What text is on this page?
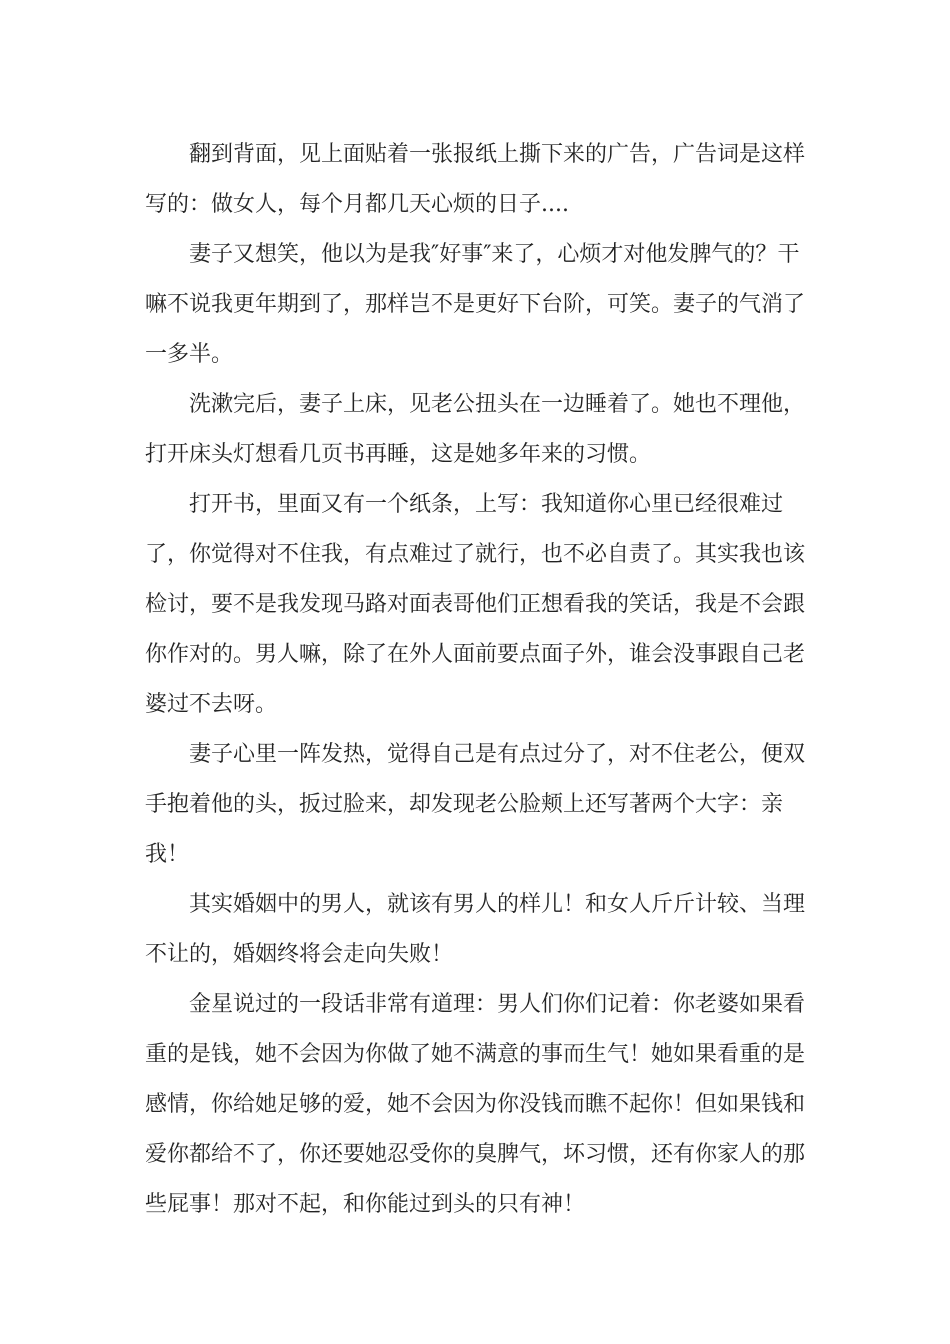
翻到背面，见上面贴着一张报纸上撕下来的广告，广告词是这样写的：做女人，每个月都几天心烦的日子....

妻子又想笑，他以为是我″好事″来了，心烦才对他发脾气的？干嘛不说我更年期到了，那样岂不是更好下台阶，可笑。妻子的气消了一多半。

洗漱完后，妻子上床，见老公扭头在一边睡着了。她也不理他，打开床头灯想看几页书再睡，这是她多年来的习惯。

打开书，里面又有一个纸条，上写：我知道你心里已经很难过了，你觉得对不住我，有点难过了就行，也不必自责了。其实我也该检讨，要不是我发现马路对面表哥他们正想看我的笑话，我是不会跟你作对的。男人嘛，除了在外人面前要点面子外，谁会没事跟自己老婆过不去呀。

妻子心里一阵发热，觉得自己是有点过分了，对不住老公，便双手抱着他的头，扳过脸来，却发现老公脸颊上还写著两个大字：亲我！

其实婚姻中的男人，就该有男人的样儿！和女人斤斤计较、当理不让的，婚姻终将会走向失败！

金星说过的一段话非常有道理：男人们你们记着：你老婆如果看重的是钱，她不会因为你做了她不满意的事而生气！她如果看重的是感情，你给她足够的爱，她不会因为你没钱而瞧不起你！但如果钱和爱你都给不了，你还要她忍受你的臭脾气，坏习惯，还有你家人的那些屁事！那对不起，和你能过到头的只有神！
